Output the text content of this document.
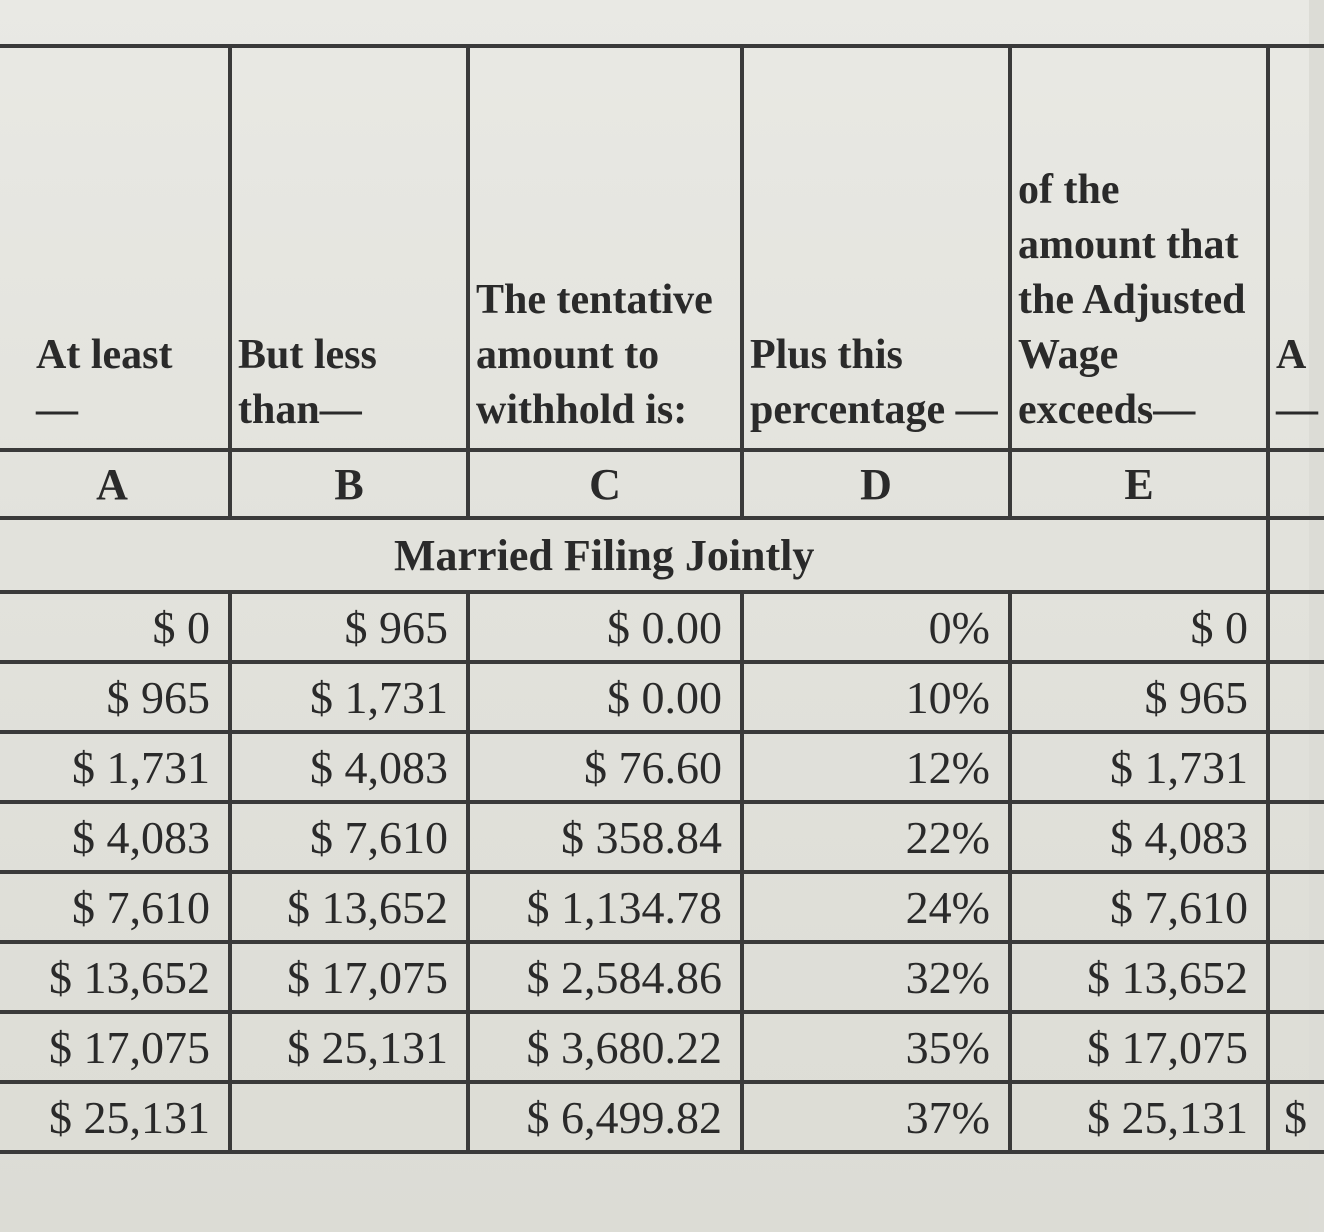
At least —	But less than—	The tentative amount to withhold is:	Plus this percentage —	of the amount that the Adjusted Wage exceeds—	A —
A	B	C	D	E	
Married Filing Jointly					
$ 0	$ 965	$ 0.00	0%	$ 0	
$ 965	$ 1,731	$ 0.00	10%	$ 965	
$ 1,731	$ 4,083	$ 76.60	12%	$ 1,731	
$ 4,083	$ 7,610	$ 358.84	22%	$ 4,083	
$ 7,610	$ 13,652	$ 1,134.78	24%	$ 7,610	
$ 13,652	$ 17,075	$ 2,584.86	32%	$ 13,652	
$ 17,075	$ 25,131	$ 3,680.22	35%	$ 17,075	
$ 25,131		$ 6,499.82	37%	$ 25,131	$
